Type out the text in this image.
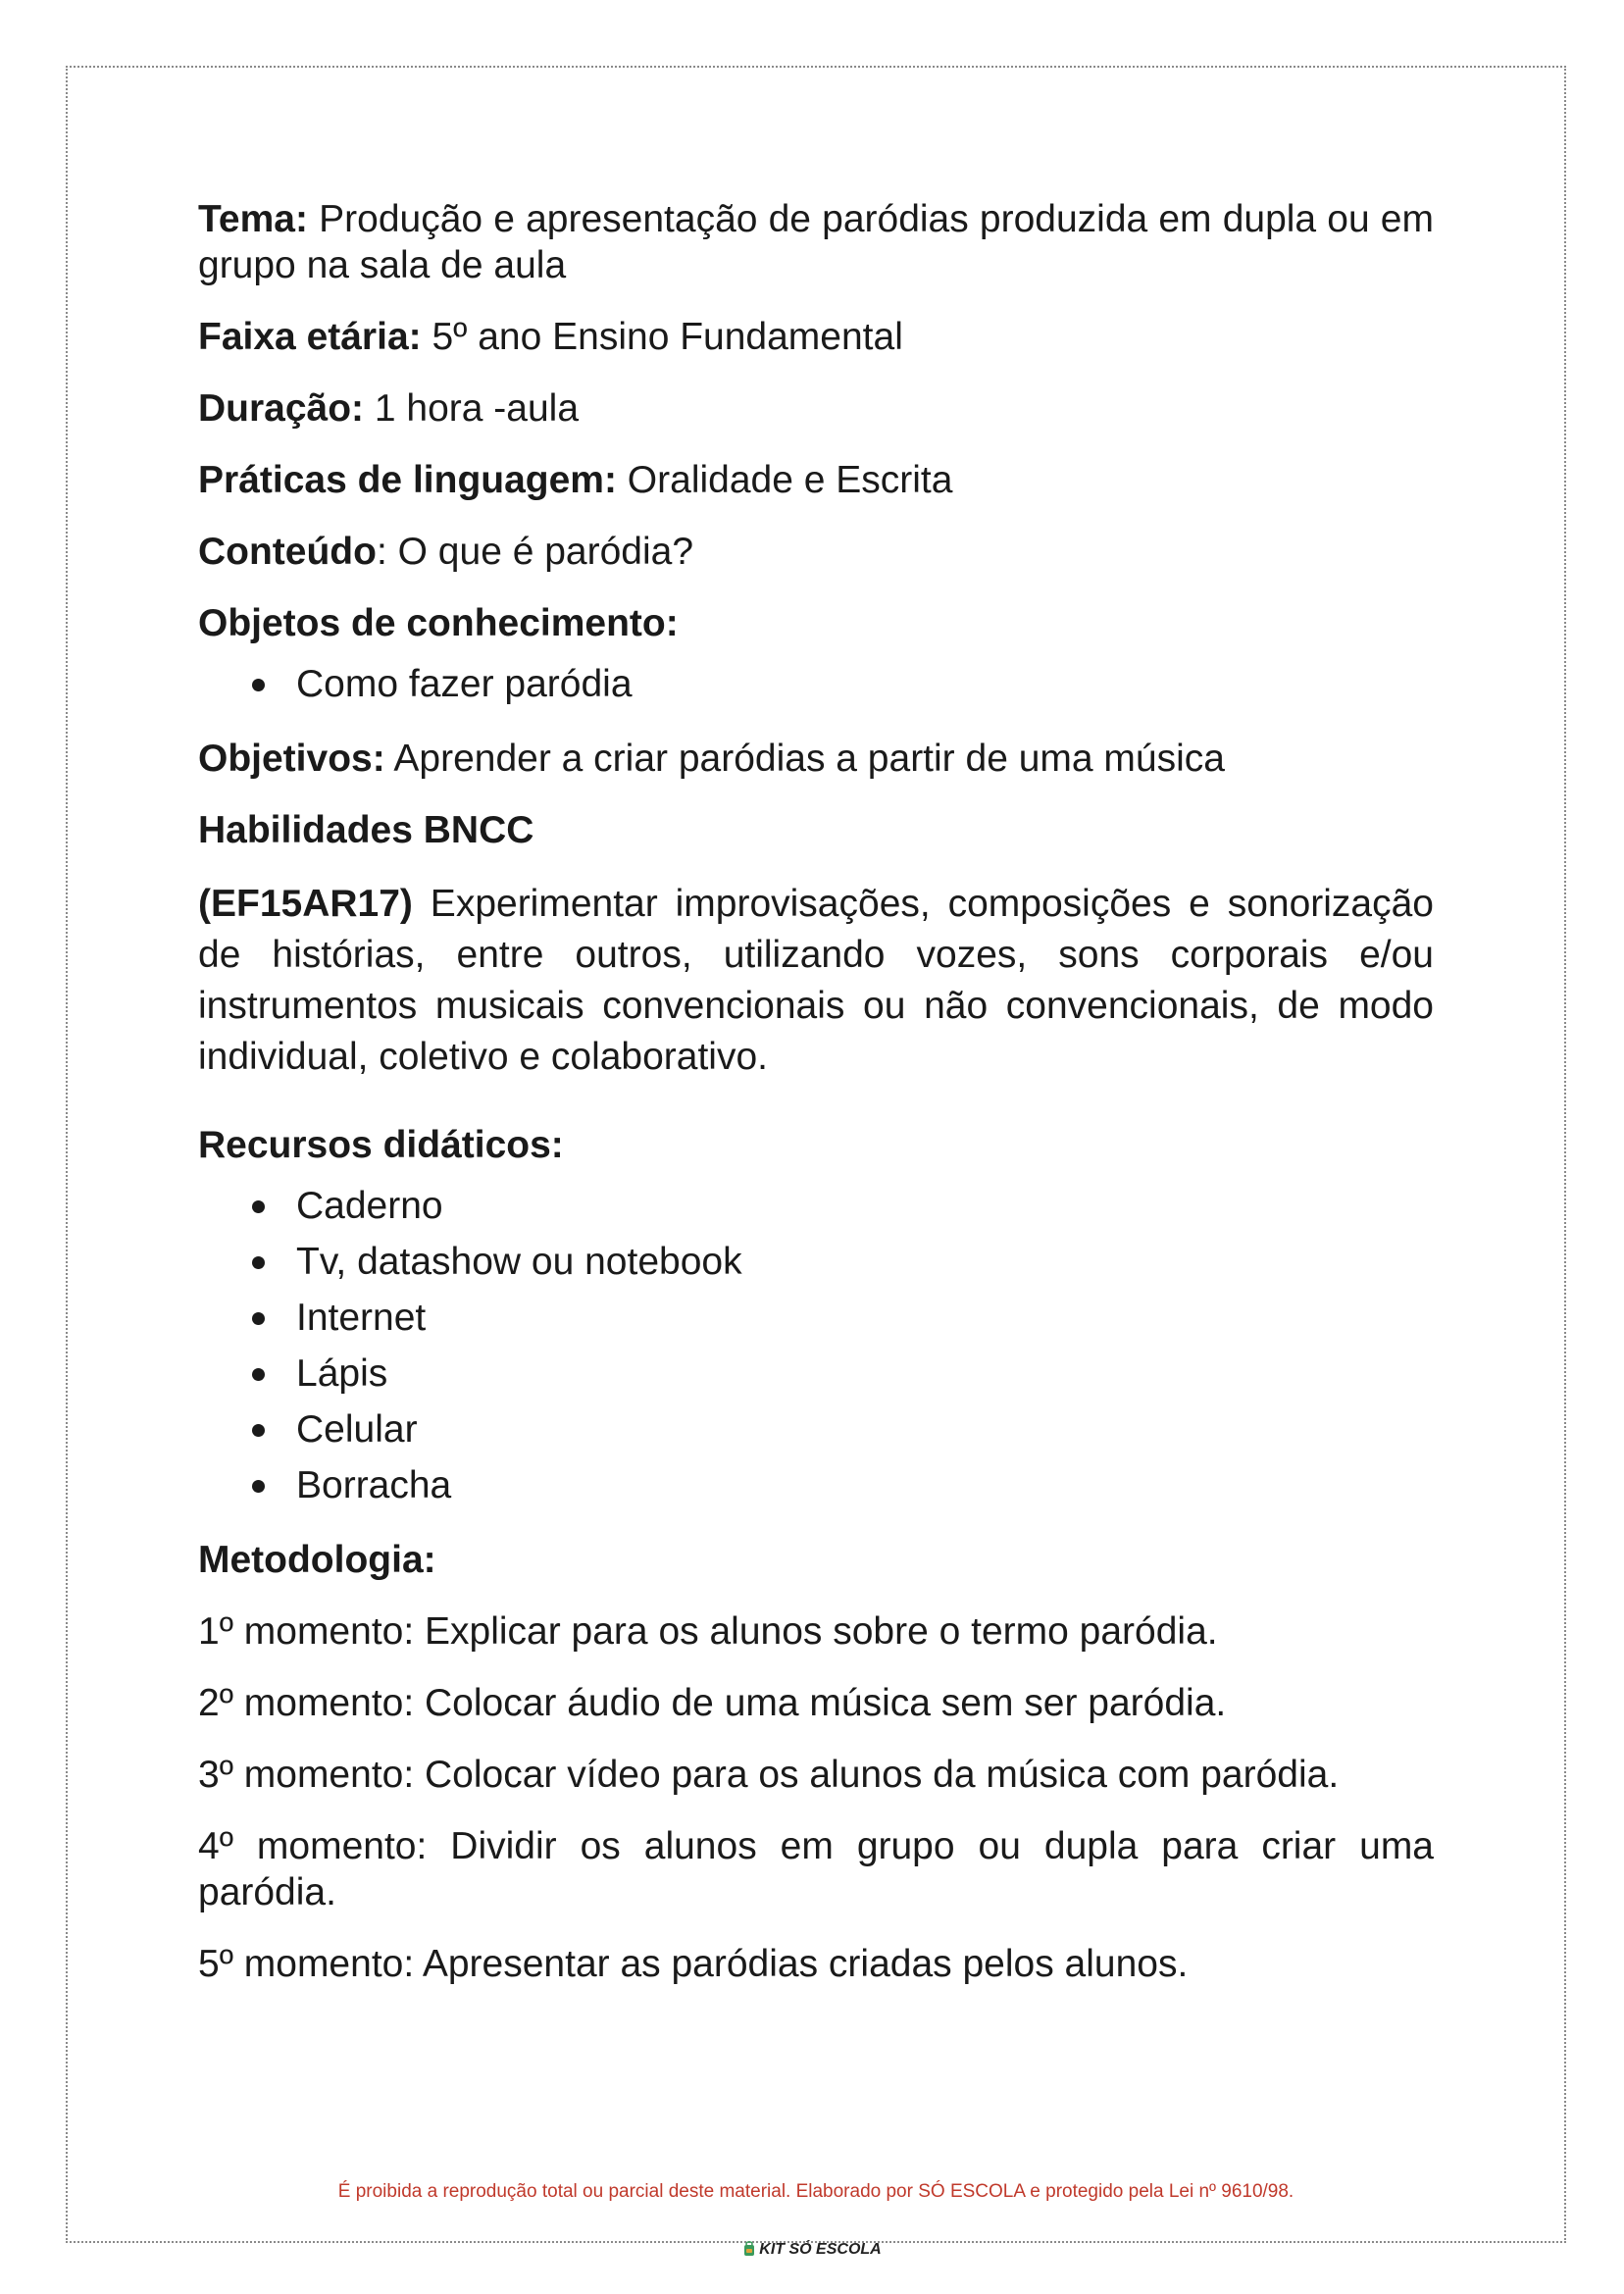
Tema: Produção e apresentação de paródias produzida em dupla ou em grupo na sala de aula
Faixa etária: 5º ano Ensino Fundamental
Duração: 1 hora -aula
Práticas de linguagem: Oralidade e Escrita
Conteúdo: O que é paródia?
Objetos de conhecimento:
Como fazer paródia
Objetivos: Aprender a criar paródias a partir de uma música
Habilidades BNCC
(EF15AR17) Experimentar improvisações, composições e sonorização de histórias, entre outros, utilizando vozes, sons corporais e/ou instrumentos musicais convencionais ou não convencionais, de modo individual, coletivo e colaborativo.
Recursos didáticos:
Caderno
Tv, datashow ou notebook
Internet
Lápis
Celular
Borracha
Metodologia:
1º momento: Explicar para os alunos sobre o termo paródia.
2º momento: Colocar áudio de uma música sem ser paródia.
3º momento: Colocar vídeo para os alunos da música com paródia.
4º momento: Dividir os alunos em grupo ou dupla para criar uma paródia.
5º momento: Apresentar as paródias criadas pelos alunos.
É proibida a reprodução total ou parcial deste material. Elaborado por SÓ ESCOLA e protegido pela Lei nº 9610/98.
KIT SÓ ESCOLA
